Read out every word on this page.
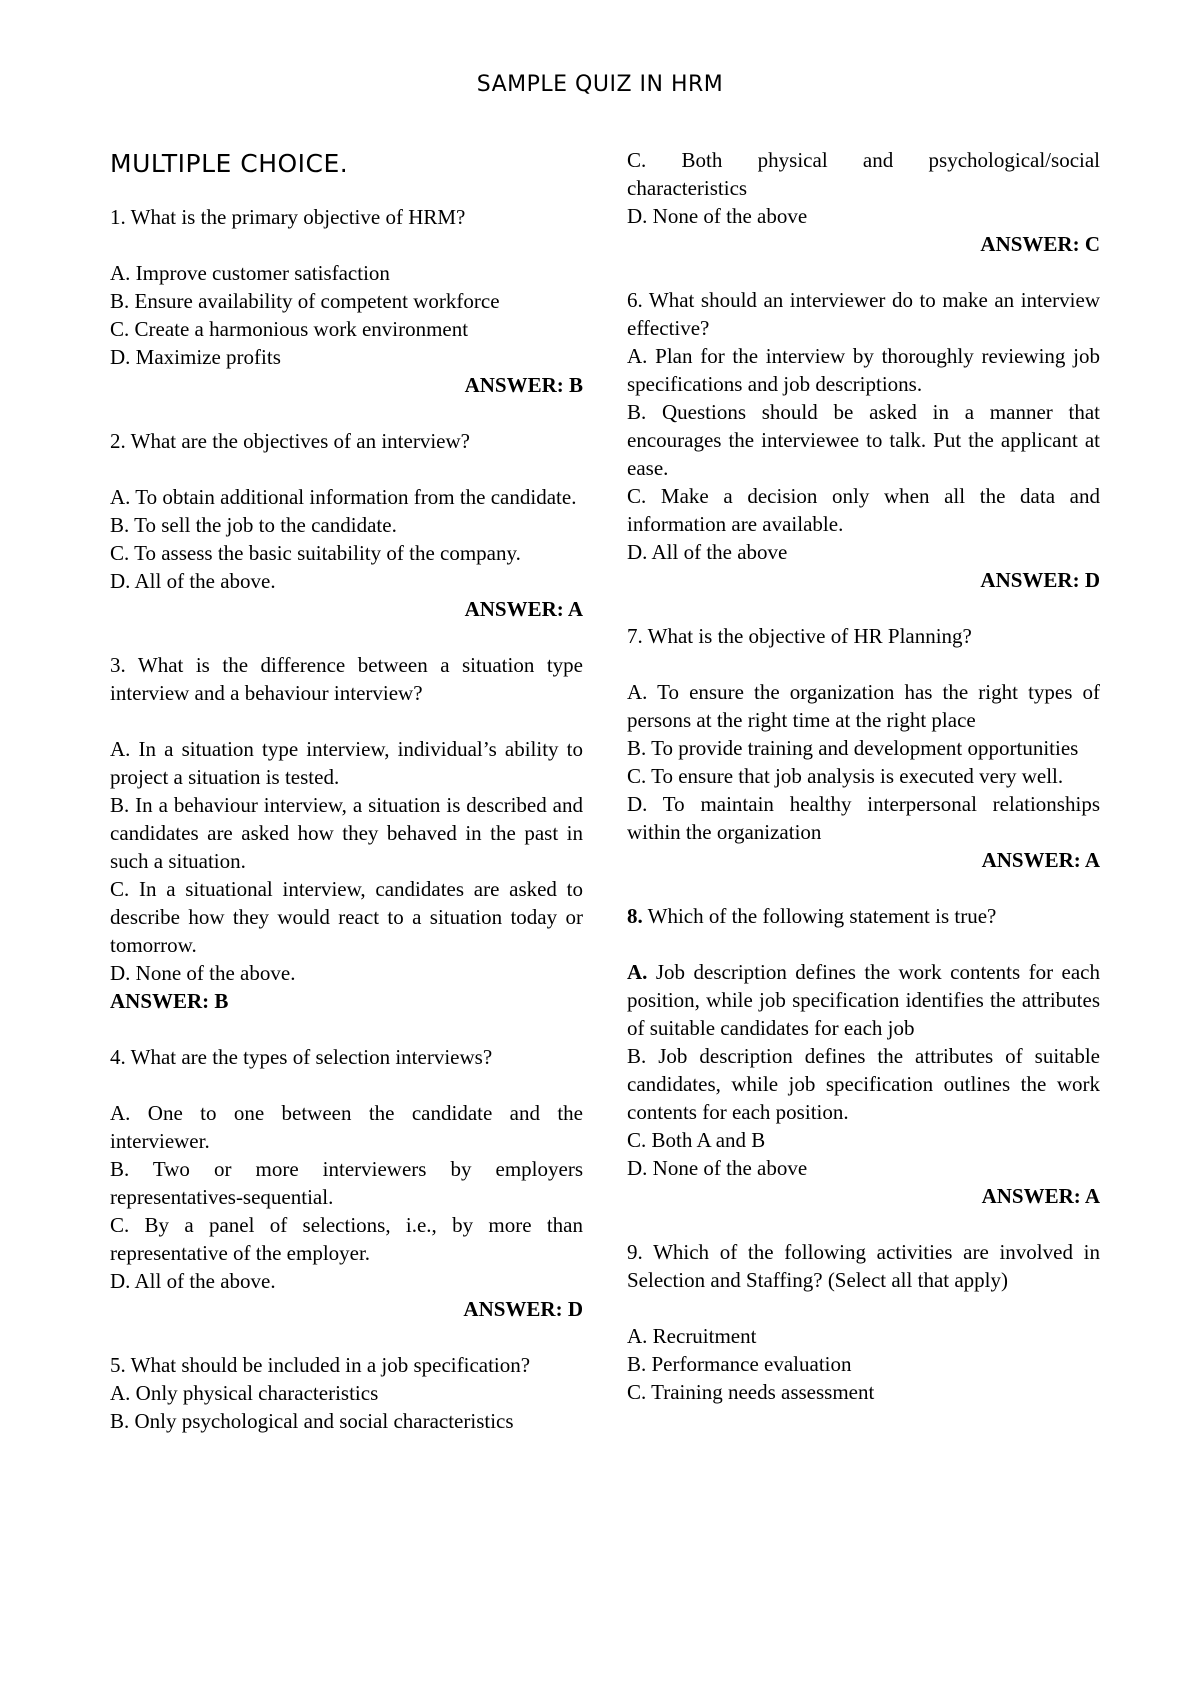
SAMPLE QUIZ IN HRM
MULTIPLE CHOICE.
1. What is the primary objective of HRM?
A. Improve customer satisfaction
B. Ensure availability of competent workforce
C. Create a harmonious work environment
D. Maximize profits
ANSWER: B
2. What are the objectives of an interview?
A. To obtain additional information from the candidate.
B. To sell the job to the candidate.
C. To assess the basic suitability of the company.
D. All of the above.
ANSWER: A
3. What is the difference between a situation type interview and a behaviour interview?
A. In a situation type interview, individual’s ability to project a situation is tested.
B. In a behaviour interview, a situation is described and candidates are asked how they behaved in the past in such a situation.
C. In a situational interview, candidates are asked to describe how they would react to a situation today or tomorrow.
D. None of the above.
ANSWER: B
4. What are the types of selection interviews?
A. One to one between the candidate and the interviewer.
B. Two or more interviewers by employers representatives-sequential.
C. By a panel of selections, i.e., by more than representative of the employer.
D. All of the above.
ANSWER: D
5. What should be included in a job specification?
A. Only physical characteristics
B. Only psychological and social characteristics
C. Both physical and psychological/social characteristics
D. None of the above
ANSWER: C
6. What should an interviewer do to make an interview effective?
A. Plan for the interview by thoroughly reviewing job specifications and job descriptions.
B. Questions should be asked in a manner that encourages the interviewee to talk. Put the applicant at ease.
C. Make a decision only when all the data and information are available.
D. All of the above
ANSWER: D
7. What is the objective of HR Planning?
A. To ensure the organization has the right types of persons at the right time at the right place
B. To provide training and development opportunities
C. To ensure that job analysis is executed very well.
D. To maintain healthy interpersonal relationships within the organization
ANSWER: A
8. Which of the following statement is true?
A. Job description defines the work contents for each position, while job specification identifies the attributes of suitable candidates for each job
B. Job description defines the attributes of suitable candidates, while job specification outlines the work contents for each position.
C. Both A and B
D. None of the above
ANSWER: A
9. Which of the following activities are involved in Selection and Staffing? (Select all that apply)
A. Recruitment
B. Performance evaluation
C. Training needs assessment
